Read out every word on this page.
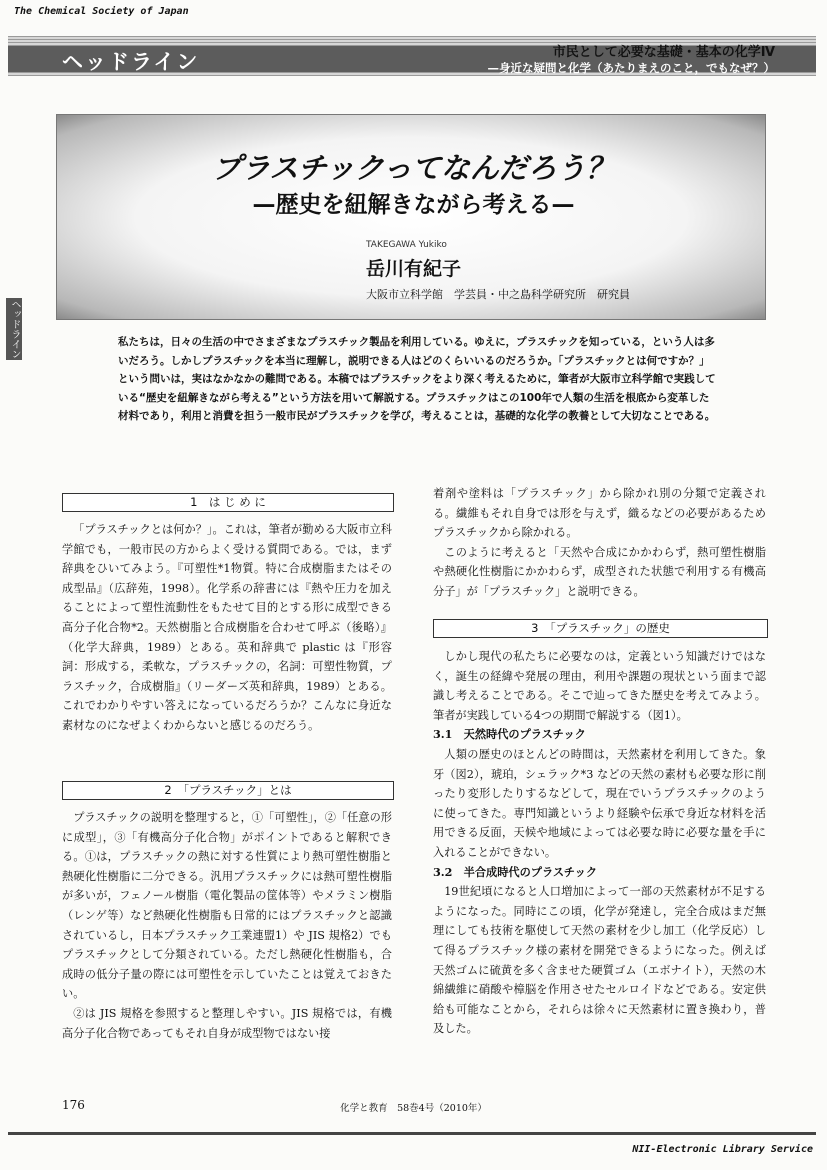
The Chemical Society of Japan
ヘッドライン	市民として必要な基礎・基本の化学Ⅳ
—身近な疑問と化学（あたりまえのこと，でもなぜ？）
ヘッドライン
プラスチックってなんだろう？
—歴史を紐解きながら考える—
TAKEGAWA Yukiko
岳川有紀子
大阪市立科学館　学芸員・中之島科学研究所　研究員
私たちは，日々の生活の中でさまざまなプラスチック製品を利用している。ゆえに，プラスチックを知っている，という人は多いだろう。しかしプラスチックを本当に理解し，説明できる人はどのくらいいるのだろうか。「プラスチックとは何ですか？」という問いは，実はなかなかの難問である。本稿ではプラスチックをより深く考えるために，筆者が大阪市立科学館で実践している“歴史を紐解きながら考える”という方法を用いて解説する。プラスチックはこの100年で人類の生活を根底から変革した材料であり，利用と消費を担う一般市民がプラスチックを学び，考えることは，基礎的な化学の教養として大切なことである。
1　は じ め に

「プラスチックとは何か？」。これは，筆者が勤める大阪市立科学館でも，一般市民の方からよく受ける質問である。では，まず辞典をひいてみよう。『可塑性*1物質。特に合成樹脂またはその成型品』（広辞苑，1998）。化学系の辞書には『熱や圧力を加えることによって塑性流動性をもたせて目的とする形に成型できる高分子化合物*2。天然樹脂と合成樹脂を合わせて呼ぶ（後略）』（化学大辞典，1989）とある。英和辞典で plastic は『形容詞：形成する，柔軟な，プラスチックの，名詞：可塑性物質，プラスチック，合成樹脂』（リーダーズ英和辞典，1989）とある。これでわかりやすい答えになっているだろうか？こんなに身近な素材なのになぜよくわからないと感じるのだろう。

2　「プラスチック」とは

プラスチックの説明を整理すると，①「可塑性」，②「任意の形に成型」，③「有機高分子化合物」がポイントであると解釈できる。①は，プラスチックの熱に対する性質により熱可塑性樹脂と熱硬化性樹脂に二分できる。汎用プラスチックには熱可塑性樹脂が多いが，フェノール樹脂（電化製品の筐体等）やメラミン樹脂（レンゲ等）など熱硬化性樹脂も日常的にはプラスチックと認識されているし，日本プラスチック工業連盟1）や JIS 規格2）でもプラスチックとして分類されている。ただし熱硬化性樹脂も，合成時の低分子量の際には可塑性を示していたことは覚えておきたい。

②は JIS 規格を参照すると整理しやすい。JIS 規格では，有機高分子化合物であってもそれ自身が成型物ではない接

着剤や塗料は「プラスチック」から除かれ別の分類で定義される。繊維もそれ自身では形を与えず，織るなどの必要があるためプラスチックから除かれる。

このように考えると「天然や合成にかかわらず，熱可塑性樹脂や熱硬化性樹脂にかかわらず，成型された状態で利用する有機高分子」が「プラスチック」と説明できる。

3　「プラスチック」の歴史

しかし現代の私たちに必要なのは，定義という知識だけではなく，誕生の経緯や発展の理由，利用や課題の現状という面まで認識し考えることである。そこで辿ってきた歴史を考えてみよう。筆者が実践している4つの期間で解説する（図1）。

3.1　天然時代のプラスチック

人類の歴史のほとんどの時間は，天然素材を利用してきた。象牙（図2），琥珀，シェラック*3 などの天然の素材も必要な形に削ったり変形したりするなどして，現在でいうプラスチックのように使ってきた。専門知識というより経験や伝承で身近な材料を活用できる反面，天候や地域によっては必要な時に必要な量を手に入れることができない。

3.2　半合成時代のプラスチック

19世紀頃になると人口増加によって一部の天然素材が不足するようになった。同時にこの頃，化学が発達し，完全合成はまだ無理にしても技術を駆使して天然の素材を少し加工（化学反応）して得るプラスチック様の素材を開発できるようになった。例えば天然ゴムに硫黄を多く含ませた硬質ゴム（エボナイト），天然の木綿繊維に硝酸や樟脳を作用させたセルロイドなどである。安定供給も可能なことから，それらは徐々に天然素材に置き換わり，普及した。

176	化学と教育　58巻4号（2010年）
NII-Electronic Library Service
